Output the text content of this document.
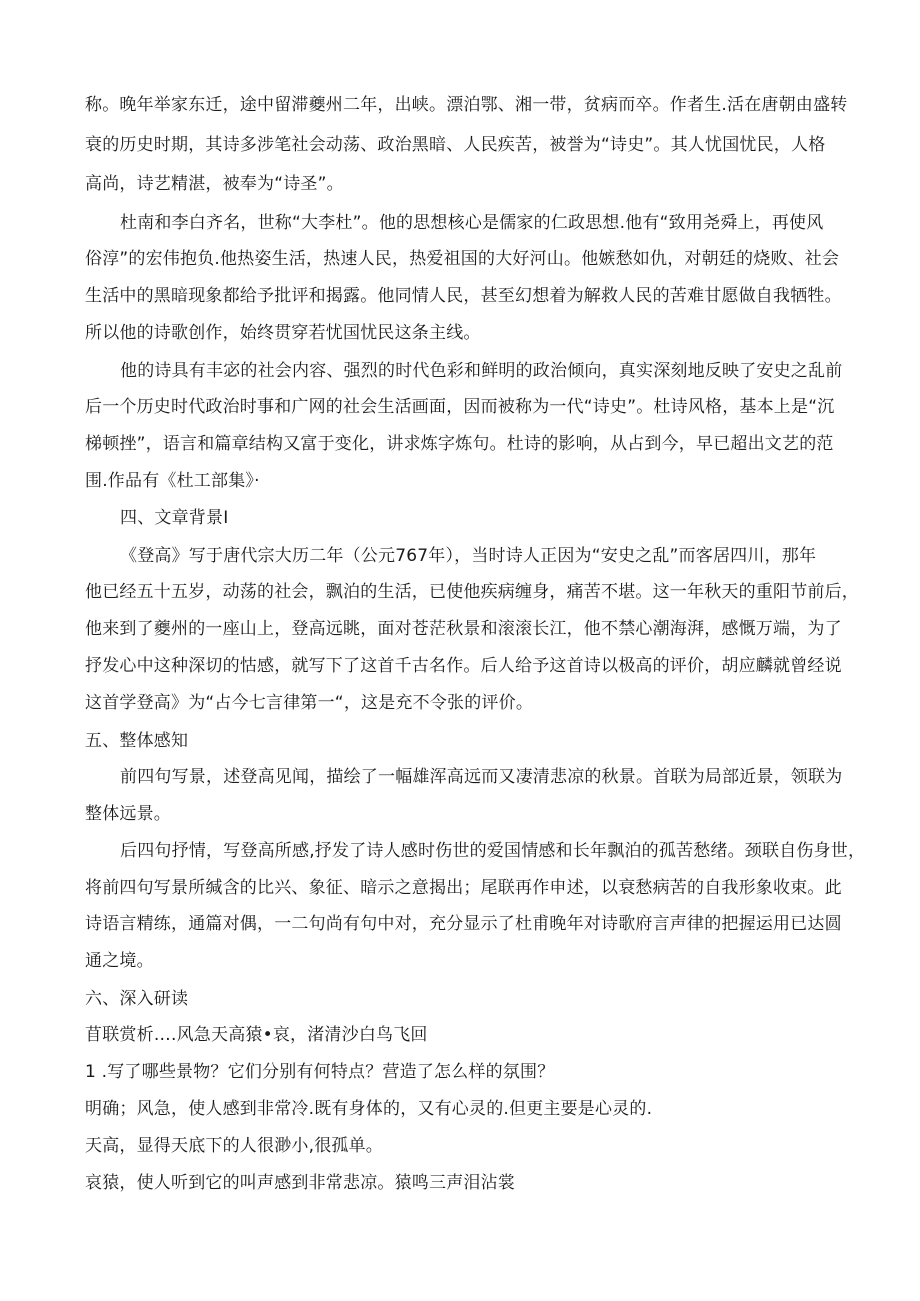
称。晚年举家东迁，途中留滞夔州二年，出峡。漂泊鄂、湘一带，贫病而卒。作者生.活在唐朝由盛转
衰的历史时期，其诗多涉笔社会动荡、政治黑暗、人民疾苦，被誉为“诗史”。其人忧国忧民，人格
高尚，诗艺精湛，被奉为“诗圣”。
杜南和李白齐名，世称“大李杜”。他的思想核心是儒家的仁政思想.他有“致用尧舜上，再使风
俗淳”的宏伟抱负.他热姿生活，热速人民，热爱祖国的大好河山。他嫉愁如仇，对朝廷的烧败、社会
生活中的黑暗现象都给予批评和揭露。他同情人民，甚至幻想着为解救人民的苦难甘愿做自我牺牲。
所以他的诗歌创作，始终贯穿若忧国忧民这条主线。
他的诗具有丰宓的社会内容、强烈的时代色彩和鲜明的政治倾向，真实深刻地反映了安史之乱前
后一个历史时代政治时事和广网的社会生活画面，因而被称为一代“诗史”。杜诗风格，基本上是“沉
梯顿挫”，语言和篇章结构又富于变化，讲求炼字炼句。杜诗的影响，从占到今，早已超出文艺的范
围.作品有《杜工部集》·
四、文章背景I
《登高》写于唐代宗大历二年（公元767年），当时诗人正因为“安史之乱”而客居四川，那年
他已经五十五岁，动荡的社会，飘泊的生活，已使他疾病缠身，痛苦不堪。这一年秋天的重阳节前后，
他来到了夔州的一座山上，登高远眺，面对苍茫秋景和滚滚长江，他不禁心潮海湃，感慨万端，为了
抒发心中这种深切的怙感，就写下了这首千古名作。后人给予这首诗以极高的评价，胡应麟就曾经说
这首学登高》为“占今七言律第一“，这是充不令张的评价。
五、整体感知
前四句写景，述登高见闻，描绘了一幅雄浑高远而又凄清悲凉的秋景。首联为局部近景，领联为
整体远景。
后四句抒情，写登高所感,抒发了诗人感时伤世的爱国情感和长年飘泊的孤苦愁绪。颈联自伤身世，
将前四句写景所缄含的比兴、象征、暗示之意揭出；尾联再作申述，以衰愁病苦的自我形象收束。此
诗语言精练，通篇对偶，一二句尚有句中对，充分显示了杜甫晚年对诗歌府言声律的把握运用已达圆
通之境。
六、深入研读
苜联赏析….风急天高猿•哀，渚清沙白鸟飞回
1 .写了哪些景物？它们分别有何特点？营造了怎么样的氛围？
明确；风急，使人感到非常冷.既有身体的，又有心灵的.但更主要是心灵的.
天高，显得天底下的人很渺小,很孤单。
哀猿，使人听到它的叫声感到非常悲凉。猿鸣三声泪沾裳
